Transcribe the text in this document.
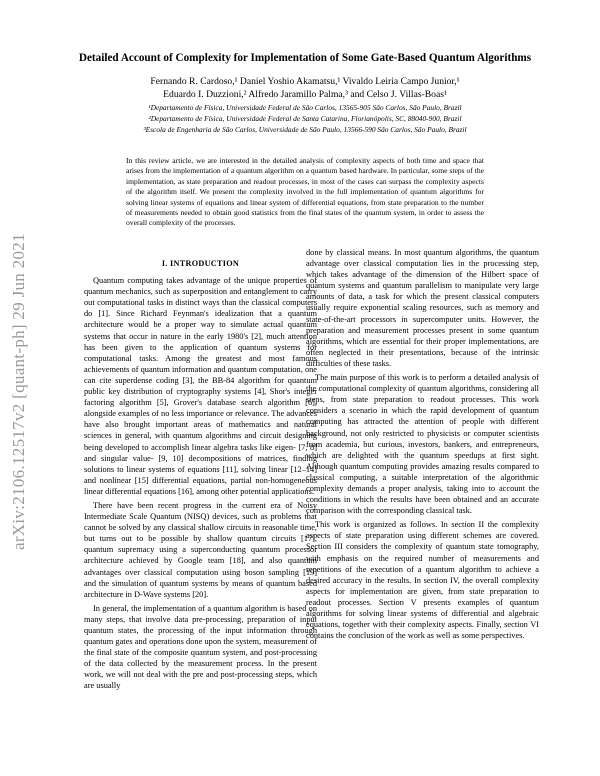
arXiv:2106.12517v2 [quant-ph] 29 Jun 2021
Detailed Account of Complexity for Implementation of Some Gate-Based Quantum Algorithms
Fernando R. Cardoso,¹ Daniel Yoshio Akamatsu,¹ Vivaldo Leiria Campo Junior,¹
Eduardo I. Duzzioni,² Alfredo Jaramillo Palma,³ and Celso J. Villas-Boas¹
¹Departamento de Física, Universidade Federal de São Carlos, 13565-905 São Carlos, São Paulo, Brazil
²Departamento de Física, Universidade Federal de Santa Catarina, Florianópolis, SC, 88040-900, Brazil
³Escola de Engenharia de São Carlos, Universidade de São Paulo, 13566-590 São Carlos, São Paulo, Brazil

In this review article, we are interested in the detailed analysis of complexity aspects of both time and space that arises from the implementation of a quantum algorithm on a quantum based hardware. In particular, some steps of the implementation, as state preparation and readout processes, in most of the cases can surpass the complexity aspects of the algorithm itself. We present the complexity involved in the full implementation of quantum algorithms for solving linear systems of equations and linear system of differential equations, from state preparation to the number of measurements needed to obtain good statistics from the final states of the quantum system, in order to assess the overall complexity of the processes.

I. INTRODUCTION

Quantum computing takes advantage of the unique properties of quantum mechanics, such as superposition and entanglement to carry out computational tasks in distinct ways than the classical computers do [1]. Since Richard Feynman's idealization that a quantum architecture would be a proper way to simulate actual quantum systems that occur in nature in the early 1980's [2], much attention has been given to the application of quantum systems for computational tasks. Among the greatest and most famous achievements of quantum information and quantum computation, one can cite superdense coding [3], the BB-84 algorithm for quantum public key distribution of cryptography systems [4], Shor's integer factoring algorithm [5], Grover's database search algorithm [6], alongside examples of no less importance or relevance. The advances have also brought important areas of mathematics and natural sciences in general, with quantum algorithms and circuit designing being developed to accomplish linear algebra tasks like eigen- [7, 8] and singular value- [9, 10] decompositions of matrices, finding solutions to linear systems of equations [11], solving linear [12–14] and nonlinear [15] differential equations, partial non-homogeneous linear differential equations [16], among other potential applications.

There have been recent progress in the current era of Noisy Intermediate Scale Quantum (NISQ) devices, such as problems that cannot be solved by any classical shallow circuits in reasonable time, but turns out to be possible by shallow quantum circuits [17], quantum supremacy using a superconducting quantum processor architecture achieved by Google team [18], and also quantum advantages over classical computation using boson sampling [19] and the simulation of quantum systems by means of quantum based architecture in D-Wave systems [20].

In general, the implementation of a quantum algorithm is based on many steps, that involve data pre-processing, preparation of input quantum states, the processing of the input information through quantum gates and operations done upon the system, measurement of the final state of the composite quantum system, and post-processing of the data collected by the measurement process. In the present work, we will not deal with the pre and post-processing steps, which are usually

done by classical means. In most quantum algorithms, the quantum advantage over classical computation lies in the processing step, which takes advantage of the dimension of the Hilbert space of quantum systems and quantum parallelism to manipulate very large amounts of data, a task for which the present classical computers usually require exponential scaling resources, such as memory and state-of-the-art processors in supercomputer units. However, the preparation and measurement processes present in some quantum algorithms, which are essential for their proper implementations, are often neglected in their presentations, because of the intrinsic difficulties of these tasks.

The main purpose of this work is to perform a detailed analysis of the computational complexity of quantum algorithms, considering all steps, from state preparation to readout processes. This work considers a scenario in which the rapid development of quantum computing has attracted the attention of people with different background, not only restricted to physicists or computer scientists from academia, but curious, investors, bankers, and entrepreneurs, which are delighted with the quantum speedups at first sight. Although quantum computing provides amazing results compared to classical computing, a suitable interpretation of the algorithmic complexity demands a proper analysis, taking into to account the conditions in which the results have been obtained and an accurate comparison with the corresponding classical task.

This work is organized as follows. In section II the complexity aspects of state preparation using different schemes are covered. Section III considers the complexity of quantum state tomography, with emphasis on the required number of measurements and repetitions of the execution of a quantum algorithm to achieve a desired accuracy in the results. In section IV, the overall complexity aspects for implementation are given, from state preparation to readout processes. Section V presents examples of quantum algorithms for solving linear systems of differential and algebraic equations, together with their complexity aspects. Finally, section VI contains the conclusion of the work as well as some perspectives.
